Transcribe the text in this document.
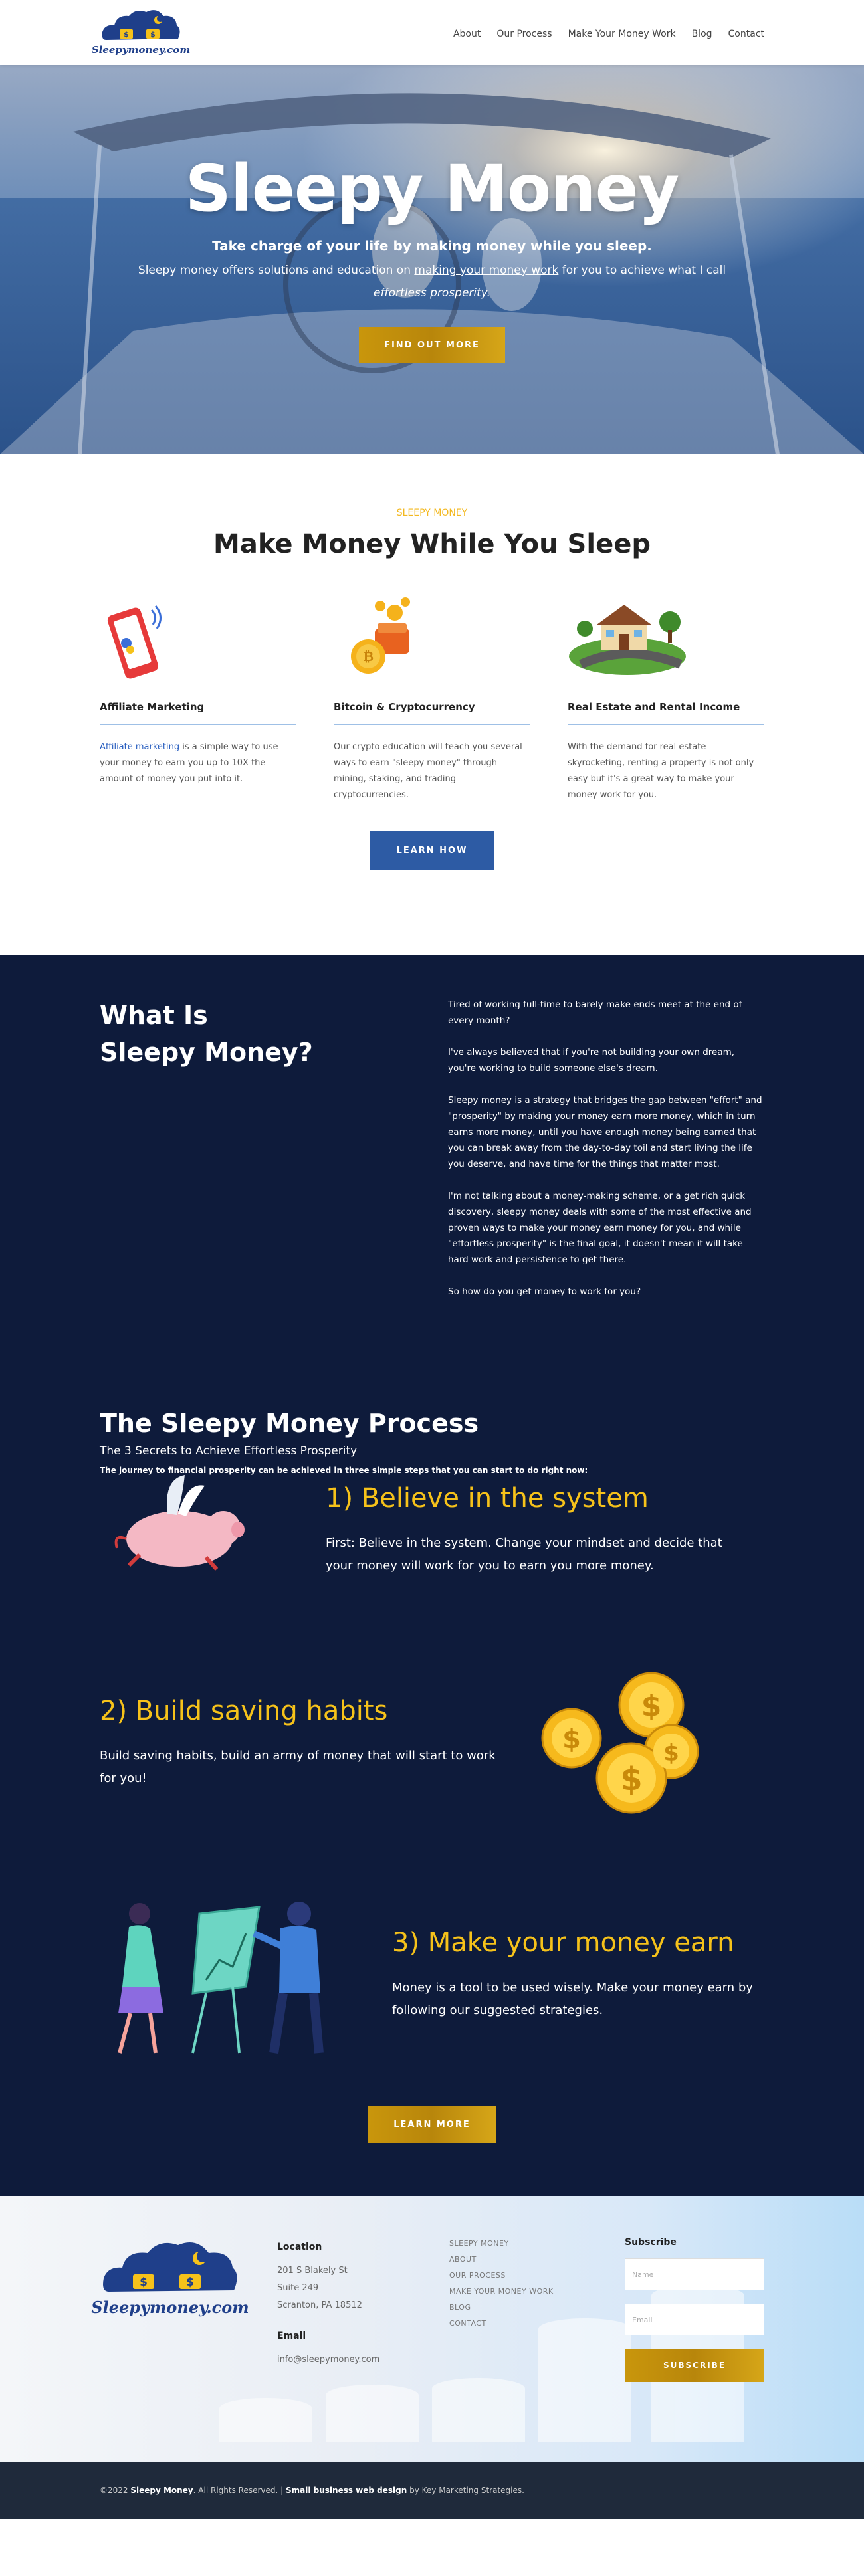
$	$
Sleepymoney.com
About Our Process Make Your Money Work Blog Contact
Sleepy Money

Take charge of your life by making money while you sleep.

Sleepy money offers solutions and education on making your money work for you to achieve what I call
effortless prosperity.

FIND OUT MORE
SLEEPY MONEY
Make Money While You Sleep
Affiliate Marketing

Affiliate marketing is a simple way to use your money to earn you up to 10X the amount of money you put into it.

₿
Bitcoin & Cryptocurrency

Our crypto education will teach you several ways to earn "sleepy money" through mining, staking, and trading cryptocurrencies.

Real Estate and Rental Income

With the demand for real estate skyrocketing, renting a property is not only easy but it's a great way to make your money work for you.

LEARN HOW
What Is
Sleepy Money?

Tired of working full-time to barely make ends meet at the end of every month?

I've always believed that if you're not building your own dream, you're working to build someone else's dream.

Sleepy money is a strategy that bridges the gap between "effort" and "prosperity" by making your money earn more money, which in turn earns more money, until you have enough money being earned that you can break away from the day-to-day toil and start living the life you deserve, and have time for the things that matter most.

I'm not talking about a money-making scheme, or a get rich quick discovery, sleepy money deals with some of the most effective and proven ways to make your money earn money for you, and while "effortless prosperity" is the final goal, it doesn't mean it will take hard work and persistence to get there.

So how do you get money to work for you?

The Sleepy Money Process

The 3 Secrets to Achieve Effortless Prosperity

The journey to financial prosperity can be achieved in three simple steps that you can start to do right now:

1) Believe in the system

First: Believe in the system. Change your mindset and decide that your money will work for you to earn you more money.

2) Build saving habits

Build saving habits, build an army of money that will start to work for you!

$
$	$
$
3) Make your money earn

Money is a tool to be used wisely. Make your money earn by following our suggested strategies.

LEARN MORE
$	$
Sleepymoney.com
Location
201 S Blakely St
Suite 249
Scranton, PA 18512
Email
info@sleepymoney.com
SLEEPY MONEY
ABOUT
OUR PROCESS
MAKE YOUR MONEY WORK
BLOG
CONTACT
Subscribe
Name
Email
SUBSCRIBE
©2022 Sleepy Money. All Rights Reserved. | Small business web design by Key Marketing Strategies.
